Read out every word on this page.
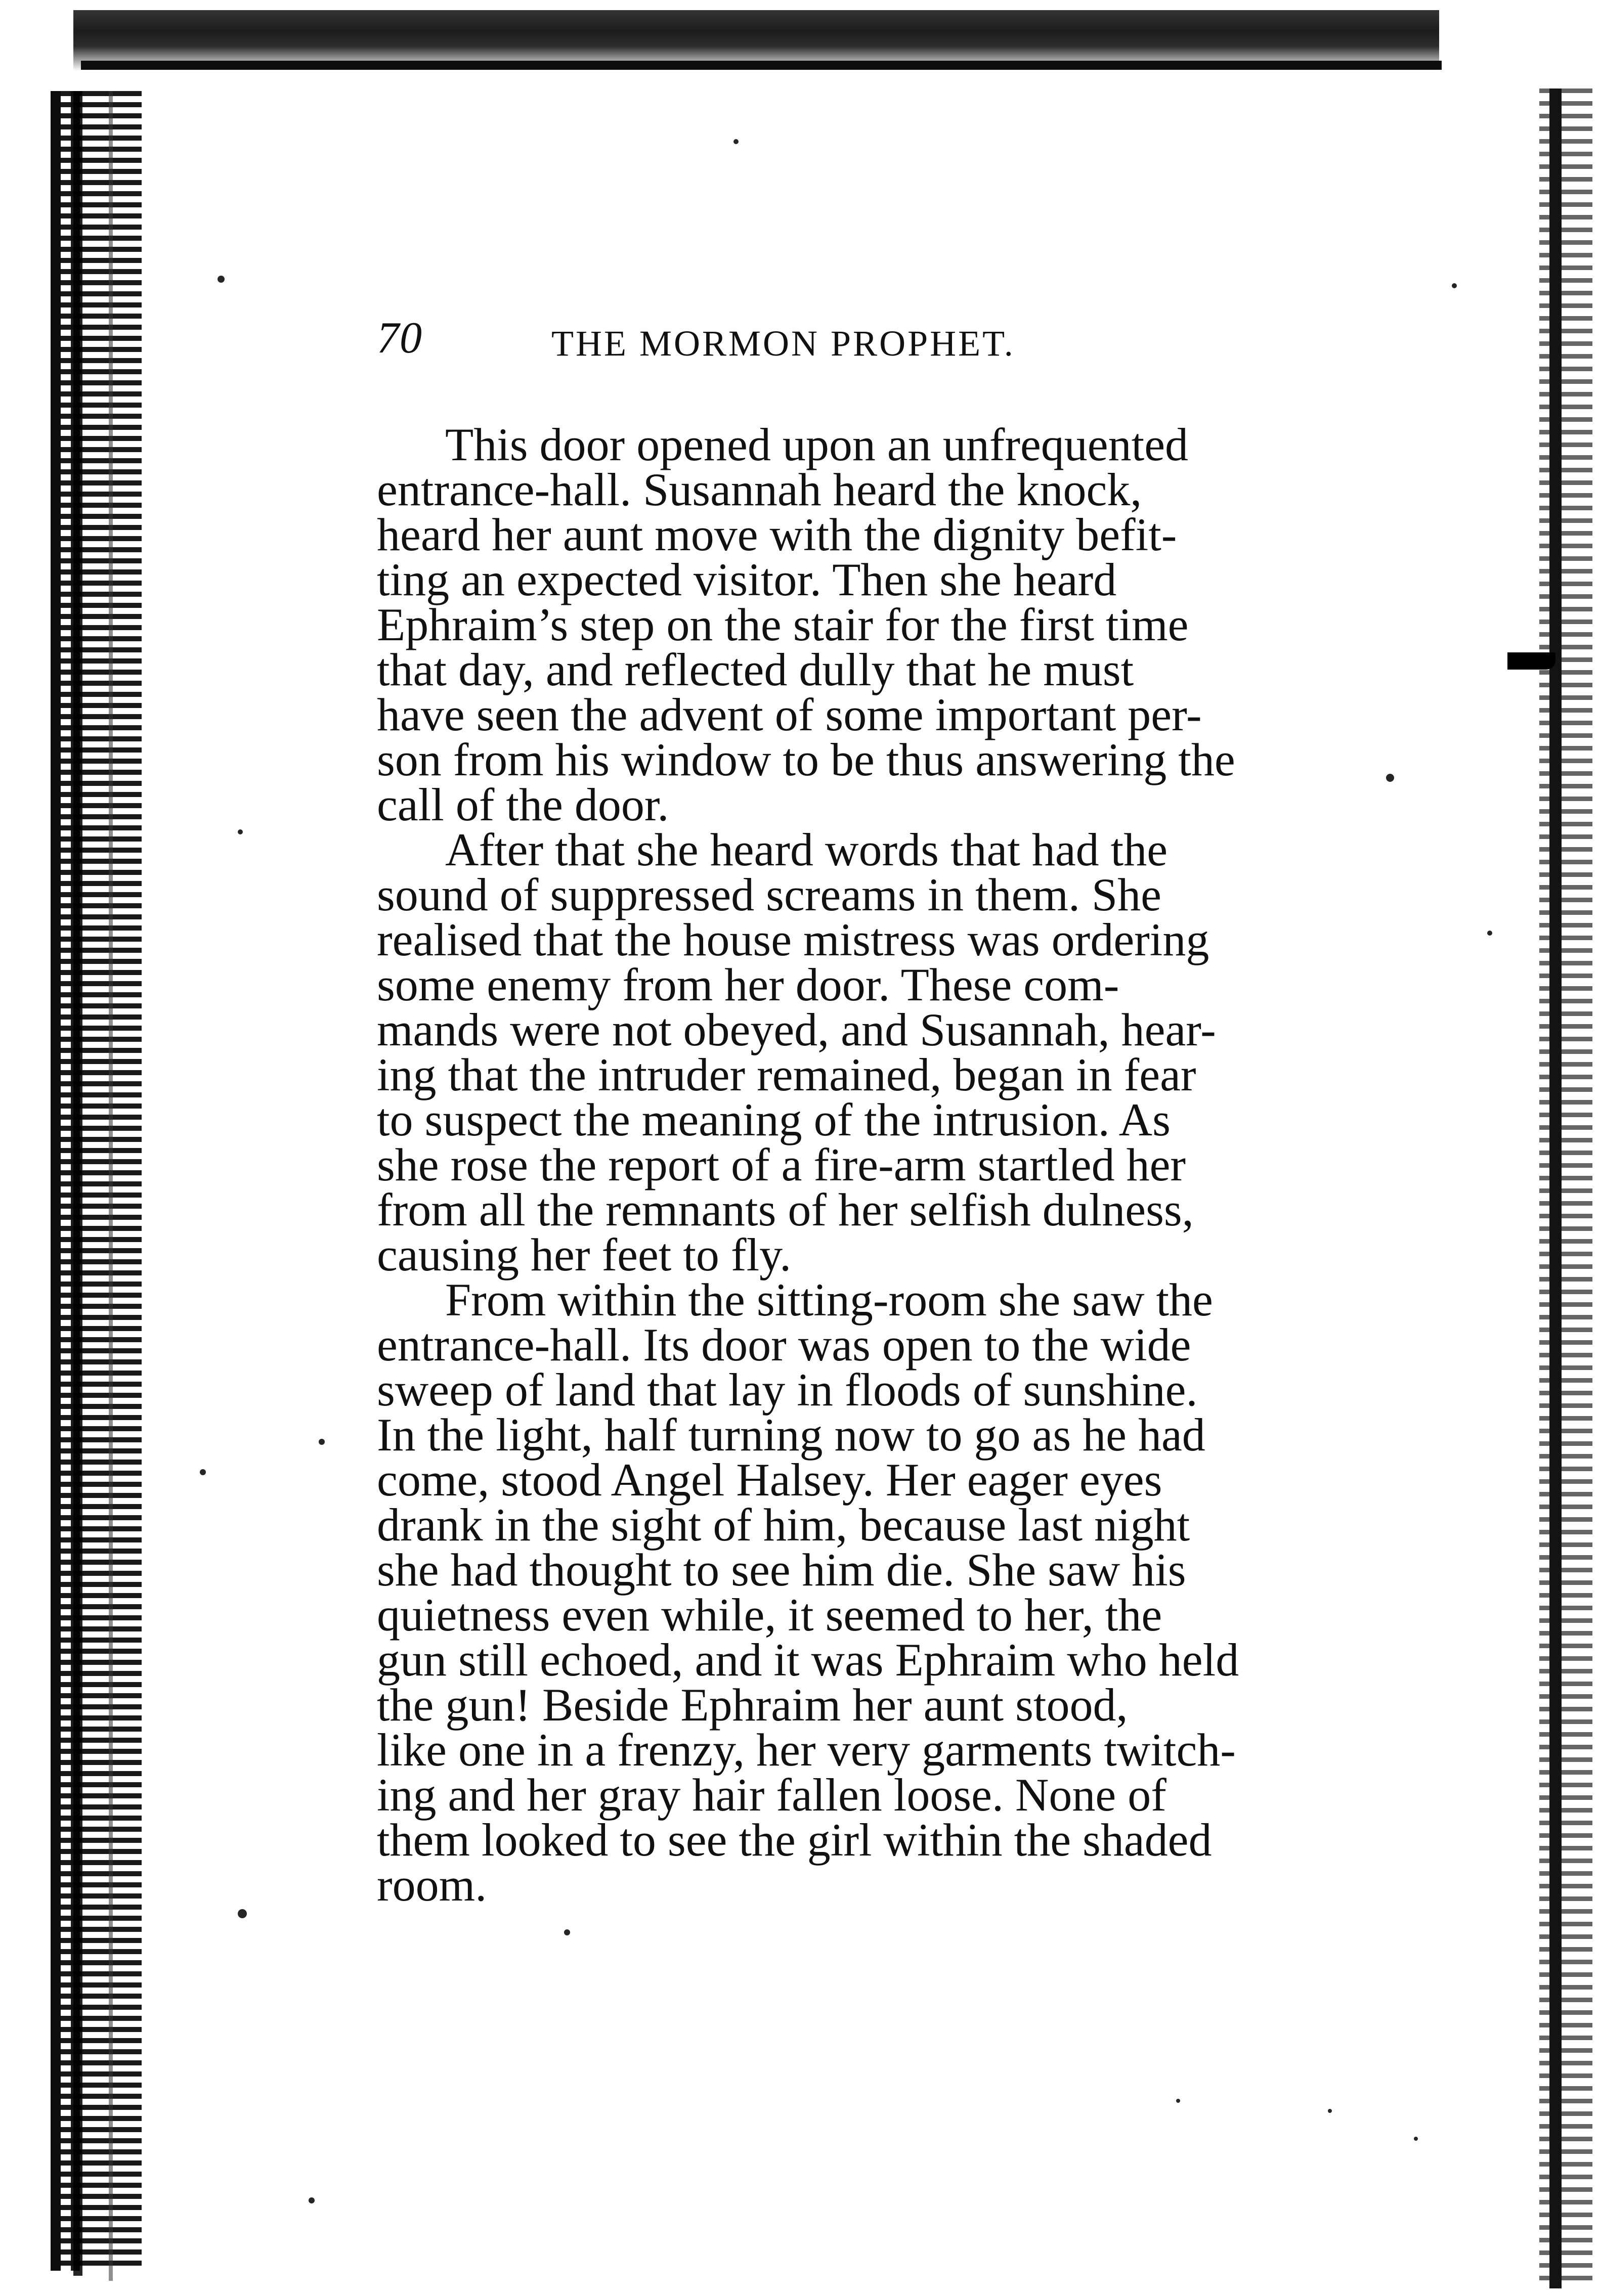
70	THE MORMON PROPHET.
This door opened upon an unfrequented
entrance-hall. Susannah heard the knock,
heard her aunt move with the dignity befit-
ting an expected visitor. Then she heard
Ephraim’s step on the stair for the first time
that day, and reflected dully that he must
have seen the advent of some important per-
son from his window to be thus answering the
call of the door.
After that she heard words that had the
sound of suppressed screams in them. She
realised that the house mistress was ordering
some enemy from her door. These com-
mands were not obeyed, and Susannah, hear-
ing that the intruder remained, began in fear
to suspect the meaning of the intrusion. As
she rose the report of a fire-arm startled her
from all the remnants of her selfish dulness,
causing her feet to fly.
From within the sitting-room she saw the
entrance-hall. Its door was open to the wide
sweep of land that lay in floods of sunshine.
In the light, half turning now to go as he had
come, stood Angel Halsey. Her eager eyes
drank in the sight of him, because last night
she had thought to see him die. She saw his
quietness even while, it seemed to her, the
gun still echoed, and it was Ephraim who held
the gun! Beside Ephraim her aunt stood,
like one in a frenzy, her very garments twitch-
ing and her gray hair fallen loose. None of
them looked to see the girl within the shaded
room.
